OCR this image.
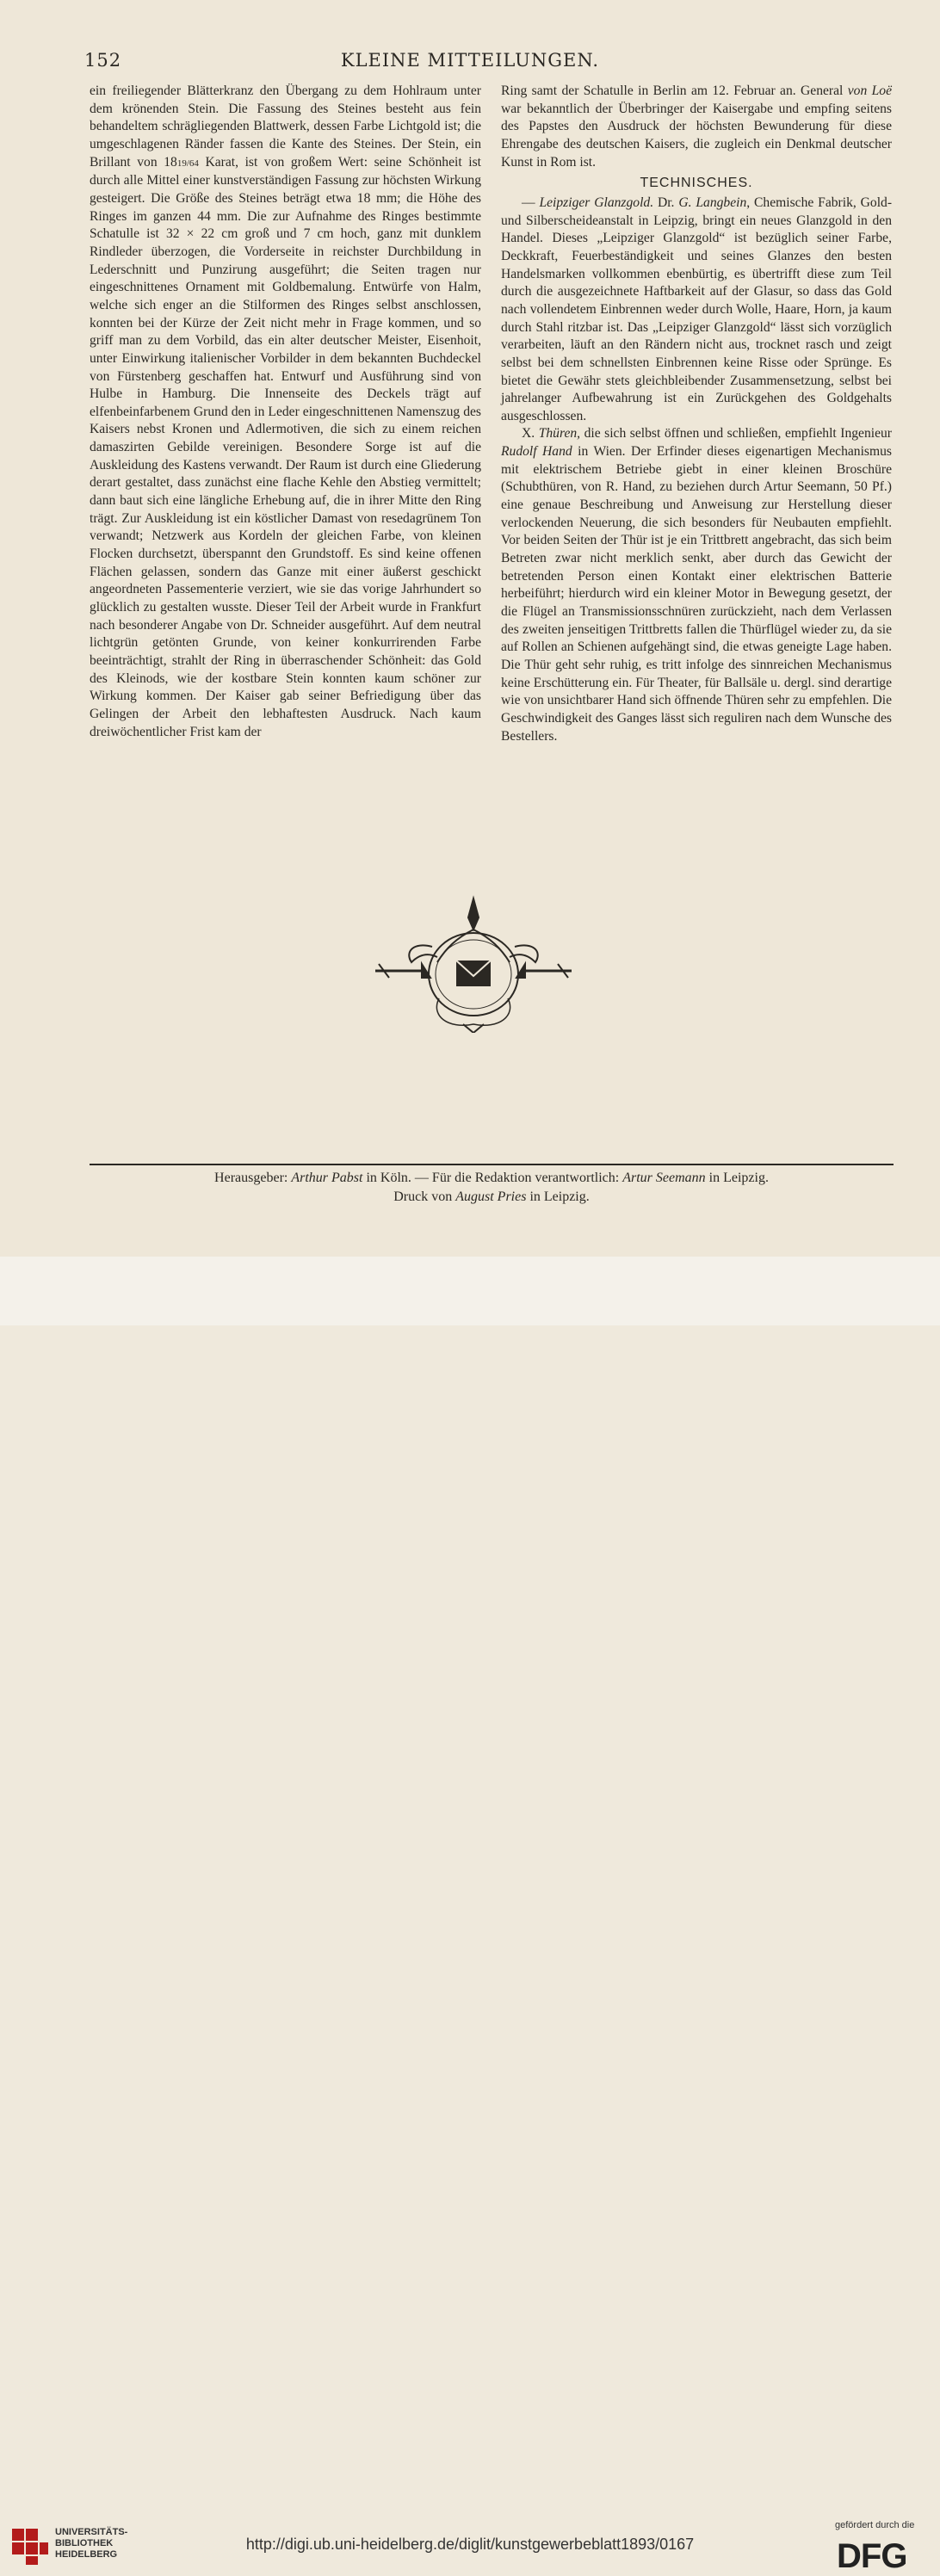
152	KLEINE MITTEILUNGEN.

ein freiliegender Blätterkranz den Übergang zu dem Hohlraum unter dem krönenden Stein. Die Fassung des Steines besteht aus fein behandeltem schrägliegenden Blattwerk, dessen Farbe Lichtgold ist; die umgeschlagenen Ränder fassen die Kante des Steines. Der Stein, ein Brillant von 1819/64 Karat, ist von großem Wert: seine Schönheit ist durch alle Mittel einer kunstverständigen Fassung zur höchsten Wirkung gesteigert. Die Größe des Steines beträgt etwa 18 mm; die Höhe des Ringes im ganzen 44 mm. Die zur Aufnahme des Ringes bestimmte Schatulle ist 32 × 22 cm groß und 7 cm hoch, ganz mit dunklem Rindleder überzogen, die Vorderseite in reichster Durchbildung in Lederschnitt und Punzirung ausgeführt; die Seiten tragen nur eingeschnittenes Ornament mit Goldbemalung. Entwürfe von Halm, welche sich enger an die Stilformen des Ringes selbst anschlossen, konnten bei der Kürze der Zeit nicht mehr in Frage kommen, und so griff man zu dem Vorbild, das ein alter deutscher Meister, Eisenhoit, unter Einwirkung italienischer Vorbilder in dem bekannten Buchdeckel von Fürstenberg geschaffen hat. Entwurf und Ausführung sind von Hulbe in Hamburg. Die Innenseite des Deckels trägt auf elfenbeinfarbenem Grund den in Leder eingeschnittenen Namenszug des Kaisers nebst Kronen und Adlermotiven, die sich zu einem reichen damaszirten Gebilde vereinigen. Besondere Sorge ist auf die Auskleidung des Kastens verwandt. Der Raum ist durch eine Gliederung derart gestaltet, dass zunächst eine flache Kehle den Abstieg vermittelt; dann baut sich eine längliche Erhebung auf, die in ihrer Mitte den Ring trägt. Zur Auskleidung ist ein köstlicher Damast von resedagrünem Ton verwandt; Netzwerk aus Kordeln der gleichen Farbe, von kleinen Flocken durchsetzt, überspannt den Grundstoff. Es sind keine offenen Flächen gelassen, sondern das Ganze mit einer äußerst geschickt angeordneten Passementerie verziert, wie sie das vorige Jahrhundert so glücklich zu gestalten wusste. Dieser Teil der Arbeit wurde in Frankfurt nach besonderer Angabe von Dr. Schneider ausgeführt. Auf dem neutral lichtgrün getönten Grunde, von keiner konkurrirenden Farbe beeinträchtigt, strahlt der Ring in überraschender Schönheit: das Gold des Kleinods, wie der kostbare Stein konnten kaum schöner zur Wirkung kommen. Der Kaiser gab seiner Befriedigung über das Gelingen der Arbeit den lebhaftesten Ausdruck. Nach kaum dreiwöchentlicher Frist kam der

Ring samt der Schatulle in Berlin am 12. Februar an. General von Loë war bekanntlich der Überbringer der Kaisergabe und empfing seitens des Papstes den Ausdruck der höchsten Bewunderung für diese Ehrengabe des deutschen Kaisers, die zugleich ein Denkmal deutscher Kunst in Rom ist.

TECHNISCHES.

— Leipziger Glanzgold. Dr. G. Langbein, Chemische Fabrik, Gold- und Silberscheideanstalt in Leipzig, bringt ein neues Glanzgold in den Handel. Dieses „Leipziger Glanzgold“ ist bezüglich seiner Farbe, Deckkraft, Feuerbeständigkeit und seines Glanzes den besten Handelsmarken vollkommen ebenbürtig, es übertrifft diese zum Teil durch die ausgezeichnete Haftbarkeit auf der Glasur, so dass das Gold nach vollendetem Einbrennen weder durch Wolle, Haare, Horn, ja kaum durch Stahl ritzbar ist. Das „Leipziger Glanzgold“ lässt sich vorzüglich verarbeiten, läuft an den Rändern nicht aus, trocknet rasch und zeigt selbst bei dem schnellsten Einbrennen keine Risse oder Sprünge. Es bietet die Gewähr stets gleichbleibender Zusammensetzung, selbst bei jahrelanger Aufbewahrung ist ein Zurückgehen des Goldgehalts ausgeschlossen.

X. Thüren, die sich selbst öffnen und schließen, empfiehlt Ingenieur Rudolf Hand in Wien. Der Erfinder dieses eigenartigen Mechanismus mit elektrischem Betriebe giebt in einer kleinen Broschüre (Schubthüren, von R. Hand, zu beziehen durch Artur Seemann, 50 Pf.) eine genaue Beschreibung und Anweisung zur Herstellung dieser verlockenden Neuerung, die sich besonders für Neubauten empfiehlt. Vor beiden Seiten der Thür ist je ein Trittbrett angebracht, das sich beim Betreten zwar nicht merklich senkt, aber durch das Gewicht der betretenden Person einen Kontakt einer elektrischen Batterie herbeiführt; hierdurch wird ein kleiner Motor in Bewegung gesetzt, der die Flügel an Transmissionsschnüren zurückzieht, nach dem Verlassen des zweiten jenseitigen Trittbretts fallen die Thürflügel wieder zu, da sie auf Rollen an Schienen aufgehängt sind, die etwas geneigte Lage haben. Die Thür geht sehr ruhig, es tritt infolge des sinnreichen Mechanismus keine Erschütterung ein. Für Theater, für Ballsäle u. dergl. sind derartige wie von unsichtbarer Hand sich öffnende Thüren sehr zu empfehlen. Die Geschwindigkeit des Ganges lässt sich reguliren nach dem Wunsche des Bestellers.

Herausgeber: Arthur Pabst in Köln. — Für die Redaktion verantwortlich: Artur Seemann in Leipzig.
Druck von August Pries in Leipzig.
UNIVERSITÄTS-
BIBLIOTHEK
HEIDELBERG
http://digi.ub.uni-heidelberg.de/diglit/kunstgewerbeblatt1893/0167
gefördert durch die
DFG
